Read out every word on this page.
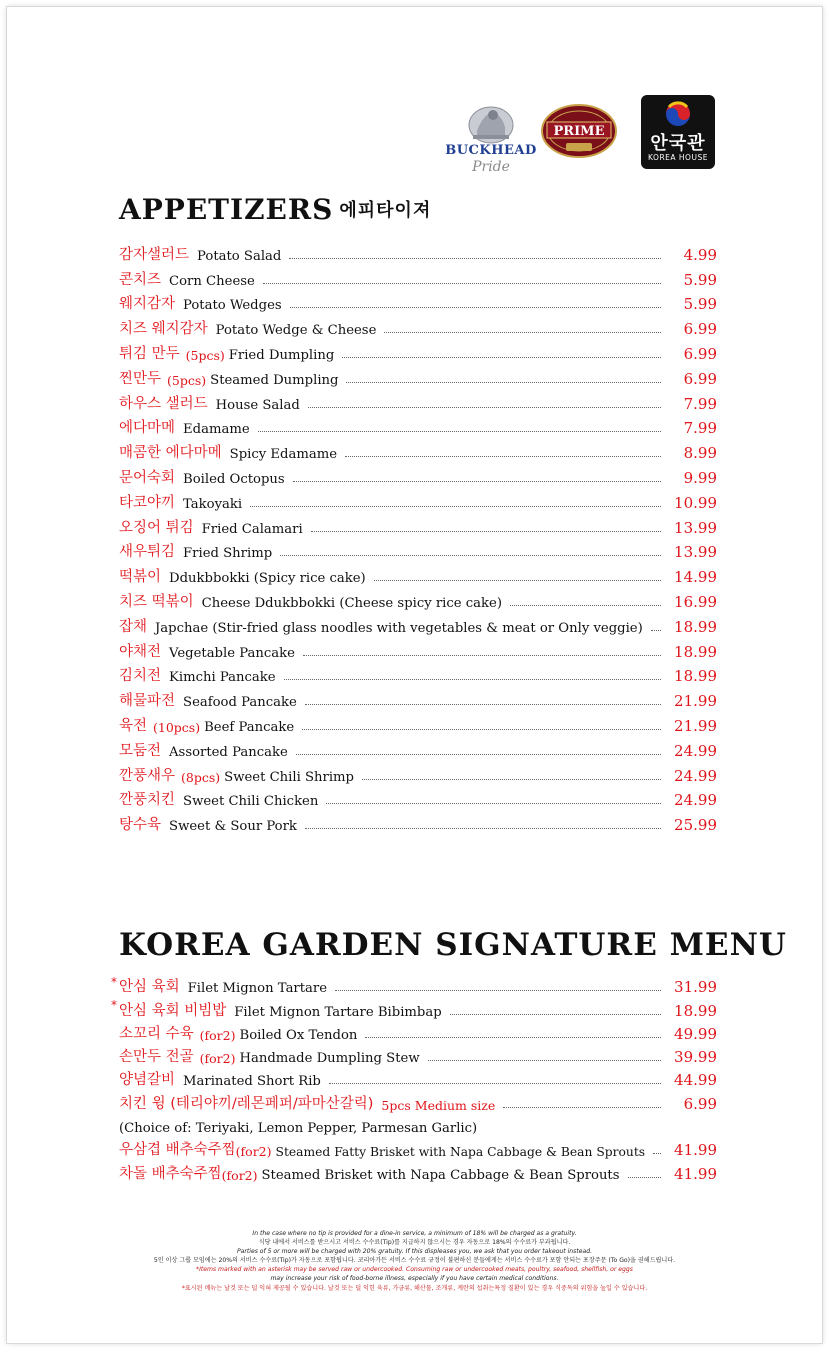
BUCKHEAD
Pride
PRIME
안국관
KOREA HOUSE
APPETIZERS 에피타이져
감자샐러드 Potato Salad	4.99
콘치즈 Corn Cheese	5.99
웨지감자 Potato Wedges	5.99
치즈 웨지감자 Potato Wedge & Cheese	6.99
튀김 만두 (5pcs) Fried Dumpling	6.99
찐만두 (5pcs) Steamed Dumpling	6.99
하우스 샐러드 House Salad	7.99
에다마메 Edamame	7.99
매콤한 에다마메 Spicy Edamame	8.99
문어숙회 Boiled Octopus	9.99
타코야끼 Takoyaki	10.99
오징어 튀김 Fried Calamari	13.99
새우튀김 Fried Shrimp	13.99
떡볶이 Ddukbbokki (Spicy rice cake)	14.99
치즈 떡볶이 Cheese Ddukbbokki (Cheese spicy rice cake)	16.99
잡채 Japchae (Stir-fried glass noodles with vegetables & meat or Only veggie) 18.99
야채전 Vegetable Pancake	18.99
김치전 Kimchi Pancake	18.99
해물파전 Seafood Pancake	21.99
육전 (10pcs) Beef Pancake	21.99
모둠전 Assorted Pancake	24.99
깐풍새우 (8pcs) Sweet Chili Shrimp	24.99
깐풍치킨 Sweet Chili Chicken	24.99
탕수육 Sweet & Sour Pork	25.99
KOREA GARDEN SIGNATURE MENU
* 안심 육회 Filet Mignon Tartare	31.99
* 안심 육회 비빔밥 Filet Mignon Tartare Bibimbap	18.99
소꼬리 수육 (for2) Boiled Ox Tendon	49.99
손만두 전골 (for2) Handmade Dumpling Stew	39.99
양념갈비 Marinated Short Rib	44.99
치킨 윙 (테리야끼/레몬페퍼/파마산갈릭) 5pcs Medium size	6.99
(Choice of: Teriyaki, Lemon Pepper, Parmesan Garlic)
우삼겹 배추숙주찜 (for2) Steamed Fatty Brisket with Napa Cabbage & Bean Sprouts 41.99
차돌 배추숙주찜 (for2) Steamed Brisket with Napa Cabbage & Bean Sprouts	41.99
In the case where no tip is provided for a dine-in service, a minimum of 18% will be charged as a gratuity.
식당 내에서 서비스를 받으시고 서비스 수수료(Tip)를 지급하지 않으시는 경우 자동으로 18%의 수수료가 부과됩니다.
Parties of 5 or more will be charged with 20% gratuity. If this displeases you, we ask that you order takeout instead.
5인 이상 그룹 모임에는 20%의 서비스 수수료(Tip)가 자동으로 포함됩니다. 코리아가든 서비스 수수료 규정이 불편하신 분들에게는 서비스 수수료가 포함 안되는 포장주문 (To Go)을 권해드립니다.
*Items marked with an asterisk may be served raw or undercooked. Consuming raw or undercooked meats, poultry, seafood, shellfish, or eggs
may increase your risk of food-borne illness, especially if you have certain medical conditions.
*표시된 메뉴는 날것 또는 덜 익혀 제공될 수 있습니다. 날것 또는 덜 익힌 육류, 가금류, 해산물, 조개류, 계란의 섭취는특정 질환이 있는 경우 식중독의 위험을 높일 수 있습니다.
